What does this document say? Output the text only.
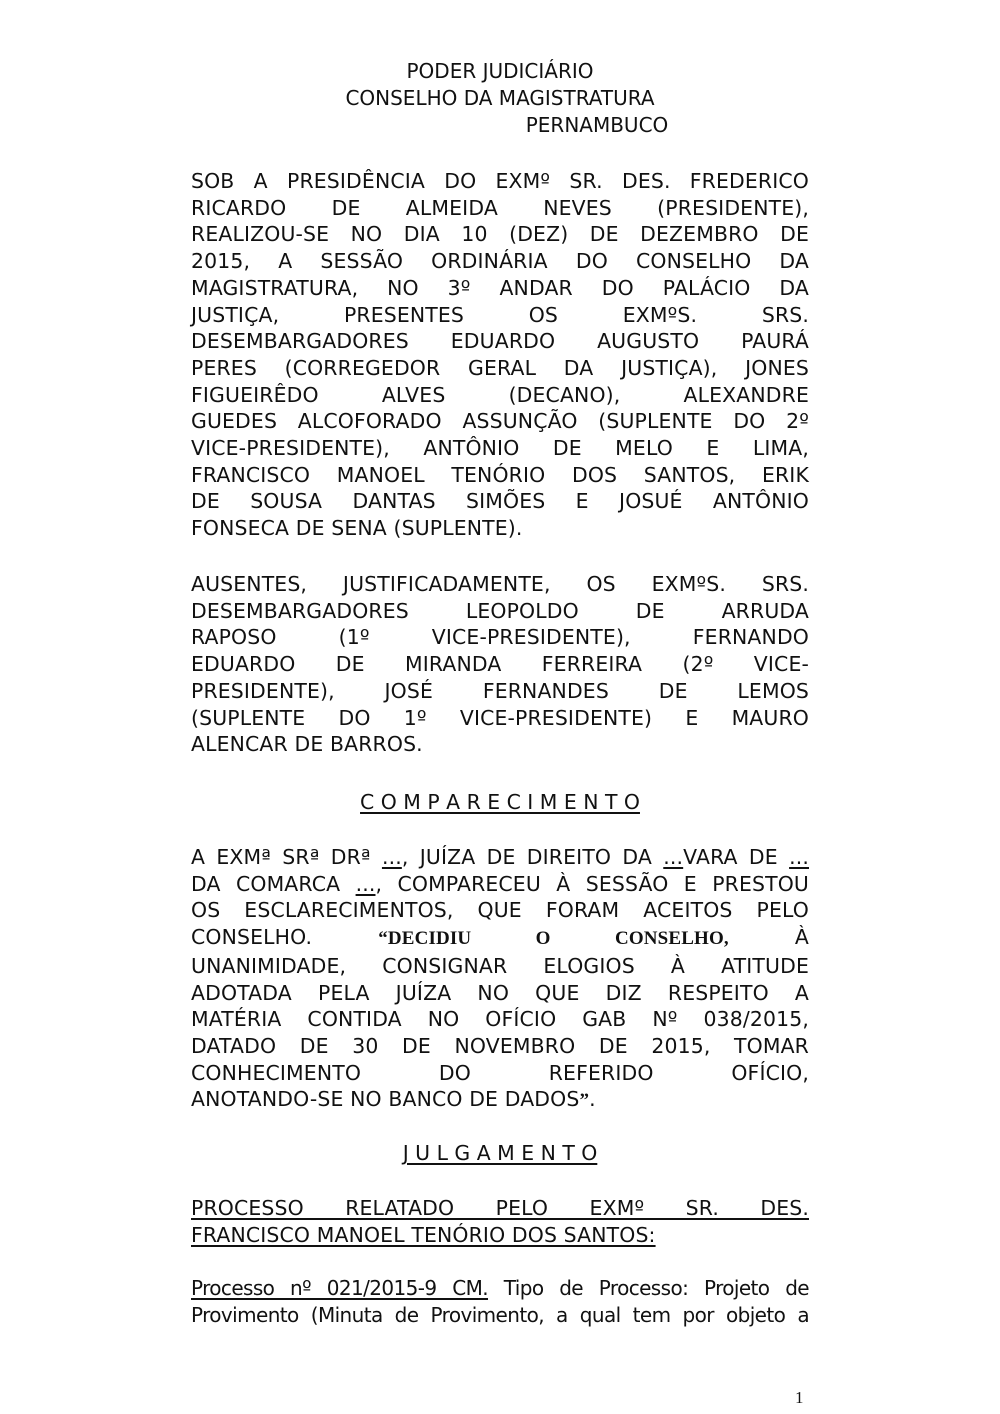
PODER JUDICIÁRIO
CONSELHO DA MAGISTRATURA
PERNAMBUCO

SOB A PRESIDÊNCIA DO EXMº SR. DES. FREDERICO
RICARDO DE ALMEIDA NEVES (PRESIDENTE),
REALIZOU-SE NO DIA 10 (DEZ) DE DEZEMBRO DE
2015, A SESSÃO ORDINÁRIA DO CONSELHO DA
MAGISTRATURA, NO 3º ANDAR DO PALÁCIO DA
JUSTIÇA, PRESENTES OS EXMºS. SRS.
DESEMBARGADORES EDUARDO AUGUSTO PAURÁ
PERES (CORREGEDOR GERAL DA JUSTIÇA), JONES
FIGUEIRÊDO ALVES (DECANO), ALEXANDRE
GUEDES ALCOFORADO ASSUNÇÃO (SUPLENTE DO 2º
VICE-PRESIDENTE), ANTÔNIO DE MELO E LIMA,
FRANCISCO MANOEL TENÓRIO DOS SANTOS, ERIK
DE SOUSA DANTAS SIMÕES E JOSUÉ ANTÔNIO
FONSECA DE SENA (SUPLENTE).

AUSENTES, JUSTIFICADAMENTE, OS EXMºS. SRS.
DESEMBARGADORES LEOPOLDO DE ARRUDA
RAPOSO (1º VICE-PRESIDENTE), FERNANDO
EDUARDO DE MIRANDA FERREIRA (2º VICE-
PRESIDENTE), JOSÉ FERNANDES DE LEMOS
(SUPLENTE DO 1º VICE-PRESIDENTE) E MAURO
ALENCAR DE BARROS.

C O M P A R E C I M E N T O

A EXMª SRª DRª ..., JUÍZA DE DIREITO DA ...VARA DE ...
DA COMARCA ..., COMPARECEU À SESSÃO E PRESTOU
OS ESCLARECIMENTOS, QUE FORAM ACEITOS PELO
CONSELHO. “DECIDIU O CONSELHO, À
UNANIMIDADE, CONSIGNAR ELOGIOS À ATITUDE
ADOTADA PELA JUÍZA NO QUE DIZ RESPEITO A
MATÉRIA CONTIDA NO OFÍCIO GAB Nº 038/2015,
DATADO DE 30 DE NOVEMBRO DE 2015, TOMAR
CONHECIMENTO DO REFERIDO OFÍCIO,
ANOTANDO-SE NO BANCO DE DADOS”.

J U L G A M E N T O

PROCESSO RELATADO PELO EXMº SR. DES.
FRANCISCO MANOEL TENÓRIO DOS SANTOS:

Processo nº 021/2015-9 CM. Tipo de Processo: Projeto de
Provimento (Minuta de Provimento, a qual tem por objeto a

1
